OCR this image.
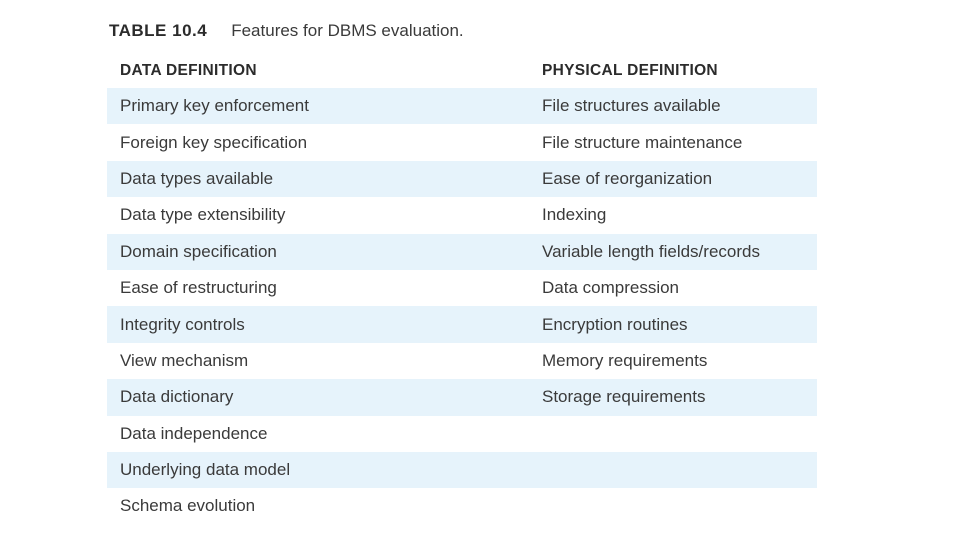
TABLE 10.4 Features for DBMS evaluation.
DATA DEFINITION	PHYSICAL DEFINITION
Primary key enforcement	File structures available
Foreign key specification	File structure maintenance
Data types available	Ease of reorganization
Data type extensibility	Indexing
Domain specification	Variable length fields/records
Ease of restructuring	Data compression
Integrity controls	Encryption routines
View mechanism	Memory requirements
Data dictionary	Storage requirements
Data independence
Underlying data model
Schema evolution
